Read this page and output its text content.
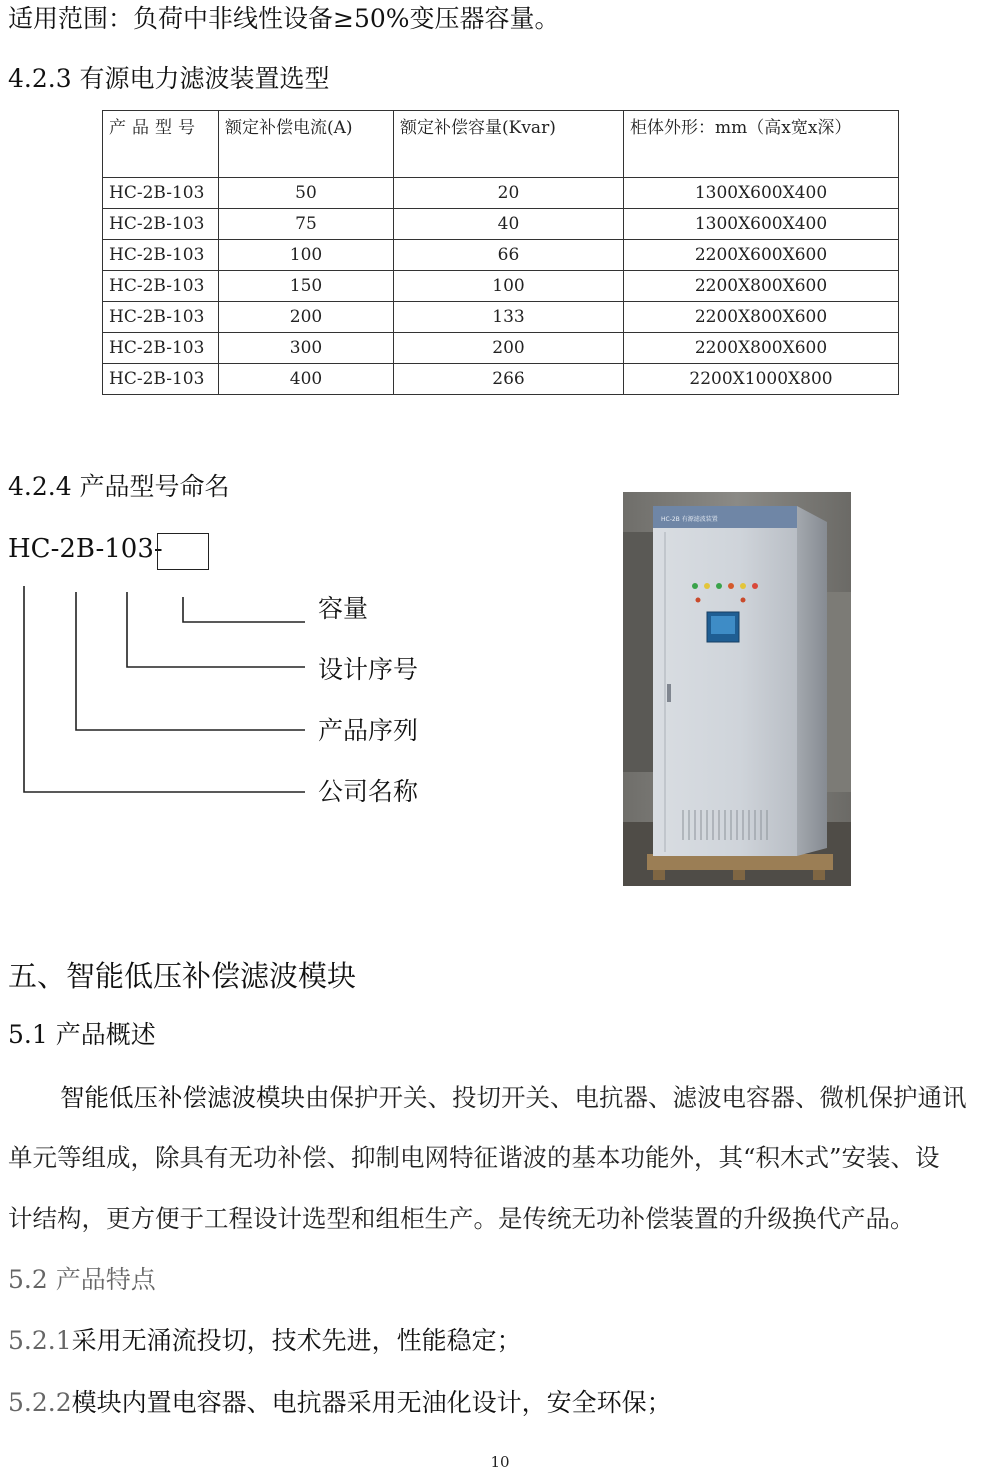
适用范围：负荷中非线性设备≥50%变压器容量。
4.2.3 有源电力滤波装置选型
产品型号	额定补偿电流(A)	额定补偿容量(Kvar)	柜体外形：mm（高x宽x深）
HC-2B-103	50	20	1300X600X400
HC-2B-103	75	40	1300X600X400
HC-2B-103	100	66	2200X600X600
HC-2B-103	150	100	2200X800X600
HC-2B-103	200	133	2200X800X600
HC-2B-103	300	200	2200X800X600
HC-2B-103	400	266	2200X1000X800
4.2.4 产品型号命名
HC-2B-103-
容量
设计序号
产品序列
公司名称
HC-2B 有源滤波装置
五、智能低压补偿滤波模块
5.1 产品概述
智能低压补偿滤波模块由保护开关、投切开关、电抗器、滤波电容器、微机保护通讯
单元等组成，除具有无功补偿、抑制电网特征谐波的基本功能外，其“积木式”安装、设
计结构，更方便于工程设计选型和组柜生产。是传统无功补偿装置的升级换代产品。
5.2 产品特点
5.2.1采用无涌流投切，技术先进，性能稳定；
5.2.2模块内置电容器、电抗器采用无油化设计，安全环保；
10
